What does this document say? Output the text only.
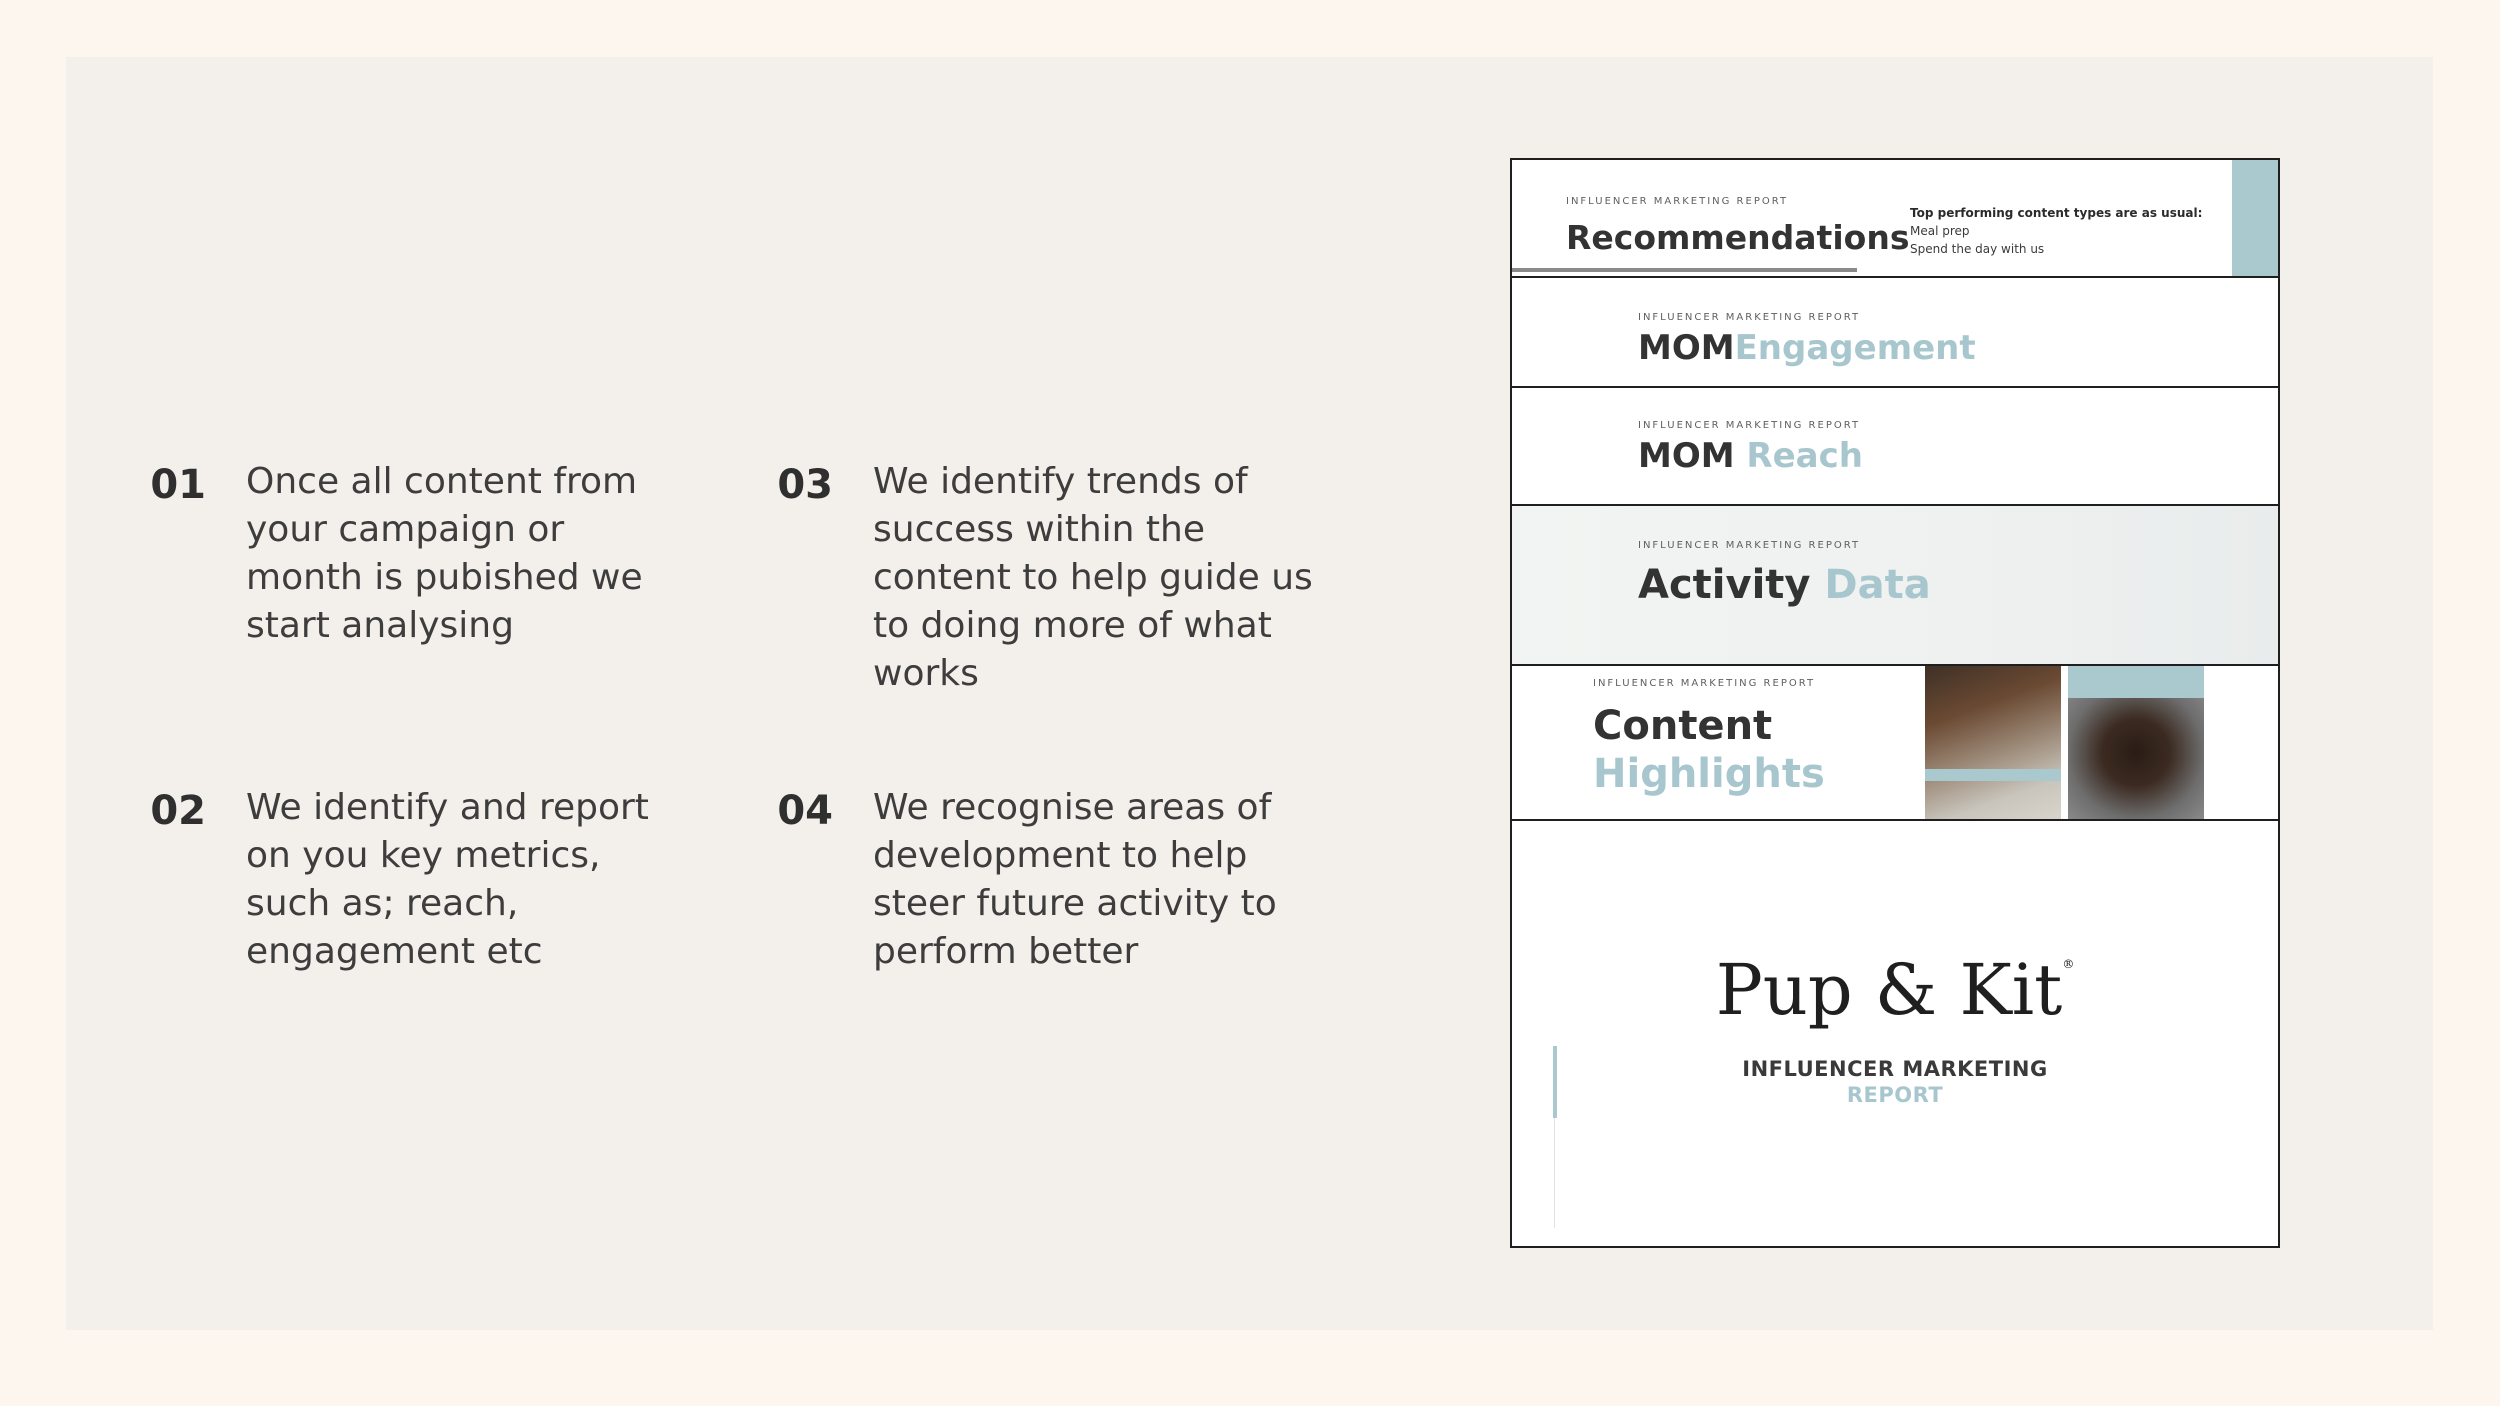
01 Once all content from
your campaign or
month is pubished we
start analysing
02 We identify and report
on you key metrics,
such as; reach,
engagement etc
03 We identify trends of
success within the
content to help guide us
to doing more of what
works
04 We recognise areas of
development to help
steer future activity to
perform better
INFLUENCER MARKETING REPORT
Recommendations
Top performing content types are as usual:
Meal prep
Spend the day with us
INFLUENCER MARKETING REPORT
MOMEngagement
INFLUENCER MARKETING REPORT
MOM Reach
INFLUENCER MARKETING REPORT
Activity Data
INFLUENCER MARKETING REPORT
Content
Highlights
Pup & Kit®
INFLUENCER MARKETING
REPORT
